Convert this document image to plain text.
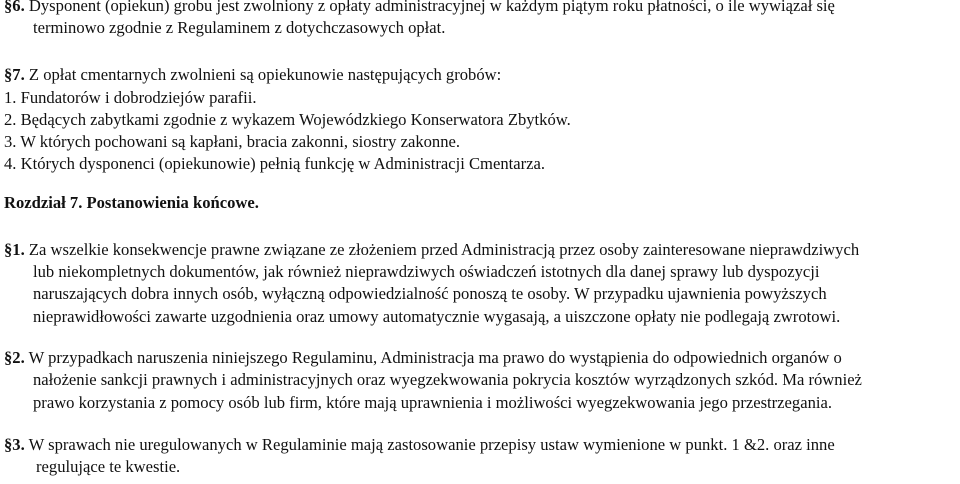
§6. Dysponent (opiekun) grobu jest zwolniony z opłaty administracyjnej w każdym piątym roku płatności, o ile wywiązał się
terminowo zgodnie z Regulaminem z dotychczasowych opłat.
§7. Z opłat cmentarnych zwolnieni są opiekunowie następujących grobów:
1. Fundatorów i dobrodziejów parafii.
2. Będących zabytkami zgodnie z wykazem Wojewódzkiego Konserwatora Zbytków.
3. W których pochowani są kapłani, bracia zakonni, siostry zakonne.
4. Których dysponenci (opiekunowie) pełnią funkcję w Administracji Cmentarza.
Rozdział 7. Postanowienia końcowe.
§1. Za wszelkie konsekwencje prawne związane ze złożeniem przed Administracją przez osoby zainteresowane nieprawdziwych
lub niekompletnych dokumentów, jak również nieprawdziwych oświadczeń istotnych dla danej sprawy lub dyspozycji
naruszających dobra innych osób, wyłączną odpowiedzialność ponoszą te osoby. W przypadku ujawnienia powyższych
nieprawidłowości zawarte uzgodnienia oraz umowy automatycznie wygasają, a uiszczone opłaty nie podlegają zwrotowi.
§2. W przypadkach naruszenia niniejszego Regulaminu, Administracja ma prawo do wystąpienia do odpowiednich organów o
nałożenie sankcji prawnych i administracyjnych oraz wyegzekwowania pokrycia kosztów wyrządzonych szkód. Ma również
prawo korzystania z pomocy osób lub firm, które mają uprawnienia i możliwości wyegzekwowania jego przestrzegania.
§3. W sprawach nie uregulowanych w Regulaminie mają zastosowanie przepisy ustaw wymienione w punkt. 1 &2. oraz inne
regulujące te kwestie.
